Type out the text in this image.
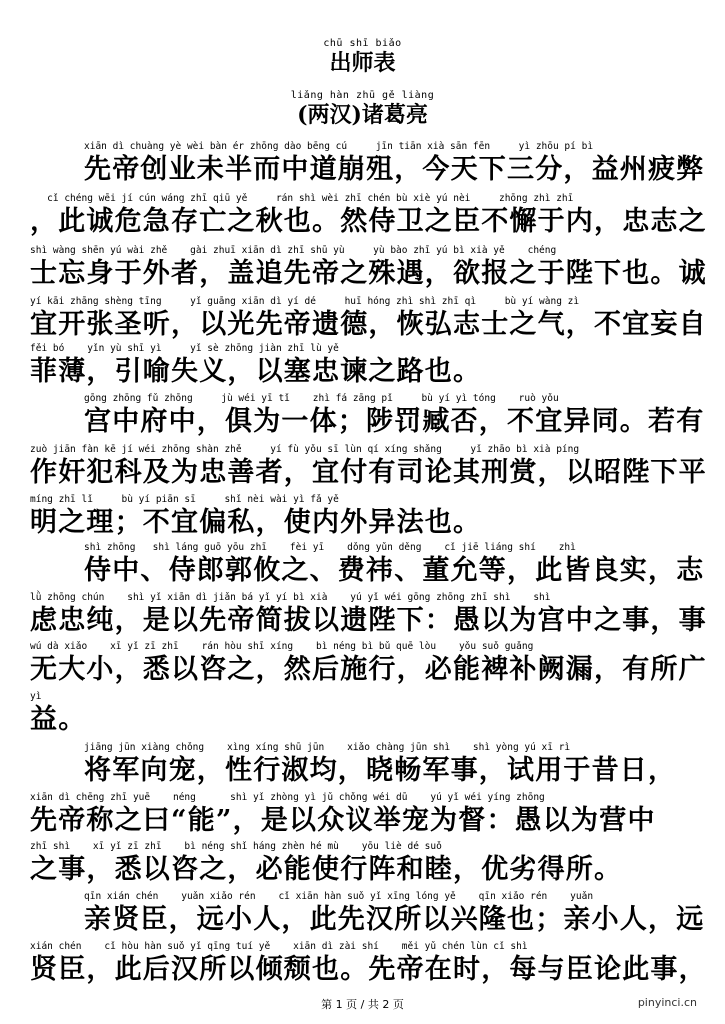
chū shī biǎo
出师表
liǎng hàn zhū gě liàng
(两汉)诸葛亮
xiān dì chuàng yè wèi bàn ér zhōng dào bēng cú     jīn tiān xià sān fēn     yì zhōu pí bì
先帝创业未半而中道崩殂，今天下三分，益州疲弊
cǐ chéng wēi jí cún wáng zhī qiū yě     rán shì wèi zhī chén bù xiè yú nèi     zhōng zhì zhī
，此诚危急存亡之秋也。然侍卫之臣不懈于内，忠志之
shì wàng shēn yú wài zhě    gài zhuī xiān dì zhī shū yù     yù bào zhī yú bì xià yě    chéng
士忘身于外者，盖追先帝之殊遇，欲报之于陛下也。诚
yí kāi zhāng shèng tīng     yǐ guāng xiān dì yí dé     huī hóng zhì shì zhī qì     bù yí wàng zì
宜开张圣听，以光先帝遗德，恢弘志士之气，不宜妄自
fěi bó    yǐn yù shī yì     yǐ sè zhōng jiàn zhī lù yě
菲薄，引喻失义，以塞忠谏之路也。
gōng zhōng fǔ zhōng     jù wéi yī tǐ    zhì fá zāng pǐ     bù yí yì tóng    ruò yǒu
宫中府中，俱为一体；陟罚臧否，不宜异同。若有
zuò jiān fàn kē jí wéi zhōng shàn zhě     yí fù yǒu sī lùn qí xíng shǎng     yǐ zhāo bì xià píng
作奸犯科及为忠善者，宜付有司论其刑赏，以昭陛下平
míng zhī lǐ     bù yí piān sī     shǐ nèi wài yì fǎ yě
明之理；不宜偏私，使内外异法也。
shì zhōng   shì láng guō yōu zhī    fèi yī    dǒng yǔn děng    cǐ jiē liáng shí    zhì
侍中、侍郎郭攸之、费祎、董允等，此皆良实，志
lǜ zhōng chún    shì yǐ xiān dì jiǎn bá yǐ yí bì xià    yú yǐ wéi gōng zhōng zhī shì    shì
虑忠纯，是以先帝简拔以遗陛下：愚以为宫中之事，事
wú dà xiǎo    xī yǐ zī zhī    rán hòu shī xíng    bì néng bì bǔ quē lòu    yǒu suǒ guǎng
无大小，悉以咨之，然后施行，必能裨补阙漏，有所广
yì
益。
jiāng jūn xiàng chǒng    xìng xíng shū jūn    xiǎo chàng jūn shì    shì yòng yú xī rì
将军向宠，性行淑均，晓畅军事，试用于昔日，
xiān dì chēng zhī yuē    néng      shì yǐ zhòng yì jǔ chǒng wéi dū    yú yǐ wéi yíng zhōng
先帝称之曰“能”，是以众议举宠为督：愚以为营中
zhī shì    xī yǐ zī zhī    bì néng shǐ háng zhèn hé mù    yōu liè dé suǒ
之事，悉以咨之，必能使行阵和睦，优劣得所。
qīn xián chén    yuǎn xiǎo rén    cǐ xiān hàn suǒ yǐ xīng lóng yě    qīn xiǎo rén    yuǎn
亲贤臣，远小人，此先汉所以兴隆也；亲小人，远
xián chén    cǐ hòu hàn suǒ yǐ qīng tuí yě    xiān dì zài shí    měi yǔ chén lùn cǐ shì
贤臣，此后汉所以倾颓也。先帝在时，每与臣论此事，
第 1 页 / 共 2 页	pinyinci.cn
